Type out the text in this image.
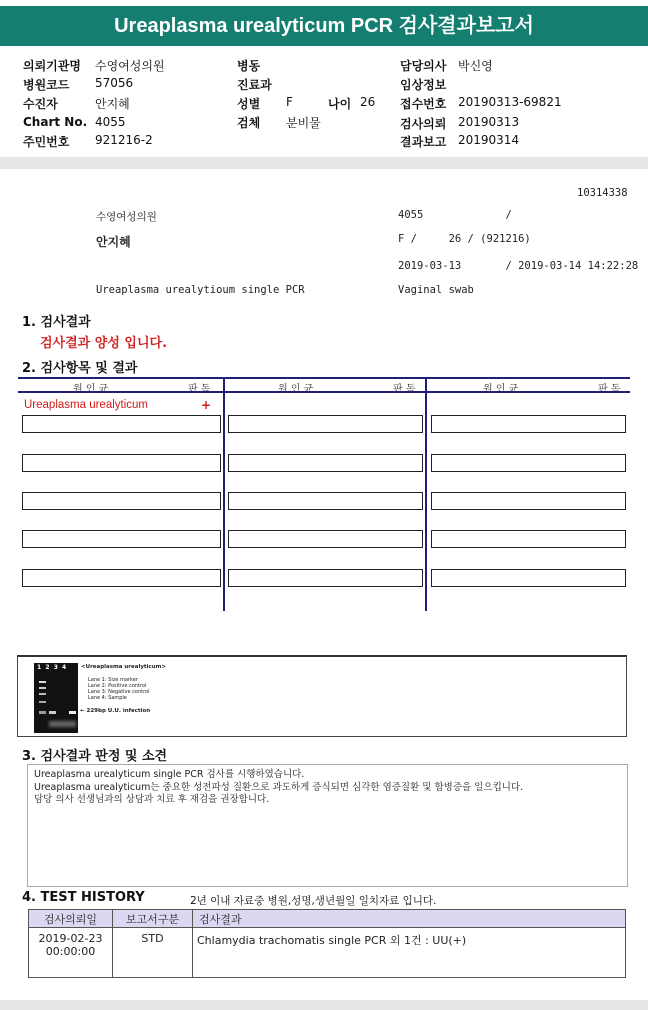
Ureaplasma urealyticum PCR 검사결과보고서
의뢰기관명 수영여성의원	병동	담당의사 박신영
병원코드 57056	진료과	임상정보
수진자	안지혜	성별 F	나이 26 접수번호 20190313-69821
Chart No. 4055	검체 분비물	검사의뢰 20190313
주민번호 921216-2	결과보고 20190314
10314338
수영여성의원	4055             /
안지혜	F /     26 / (921216)
2019-03-13       / 2019-03-14 14:22:28
Ureaplasma urealytioum single PCR	Vaginal swab
1. 검사결과
검사결과 양성 입니다.
2. 검사항목 및 결과
원 인 균	판 독	원 인 균	판 독	원 인 균	판 독
Ureaplasma urealyticum	+
1  2  3  4	<Ureaplasma urealyticum>
Lane 1: Size marker
Lane 2: Positive control
Lane 3: Negative control
Lane 4: Sample
← 229bp U.U. infection
3. 검사결과 판정 및 소견
Ureaplasma urealyticum single PCR 검사를 시행하였습니다.
Ureaplasma urealyticum는 중요한 성전파성 질환으로 과도하게 증식되면 심각한 염증질환 및 합병증을 일으킵니다.
담당 의사 선생님과의 상담과 치료 후 재검을 권장합니다.
4. TEST HISTORY	2년 이내 자료중 병원,성명,생년월일 일치자료 입니다.
검사의뢰일	보고서구분	검사결과

2019-02-23
00:00:00	STD	Chlamydia trachomatis single PCR 외 1건 : UU(+)
